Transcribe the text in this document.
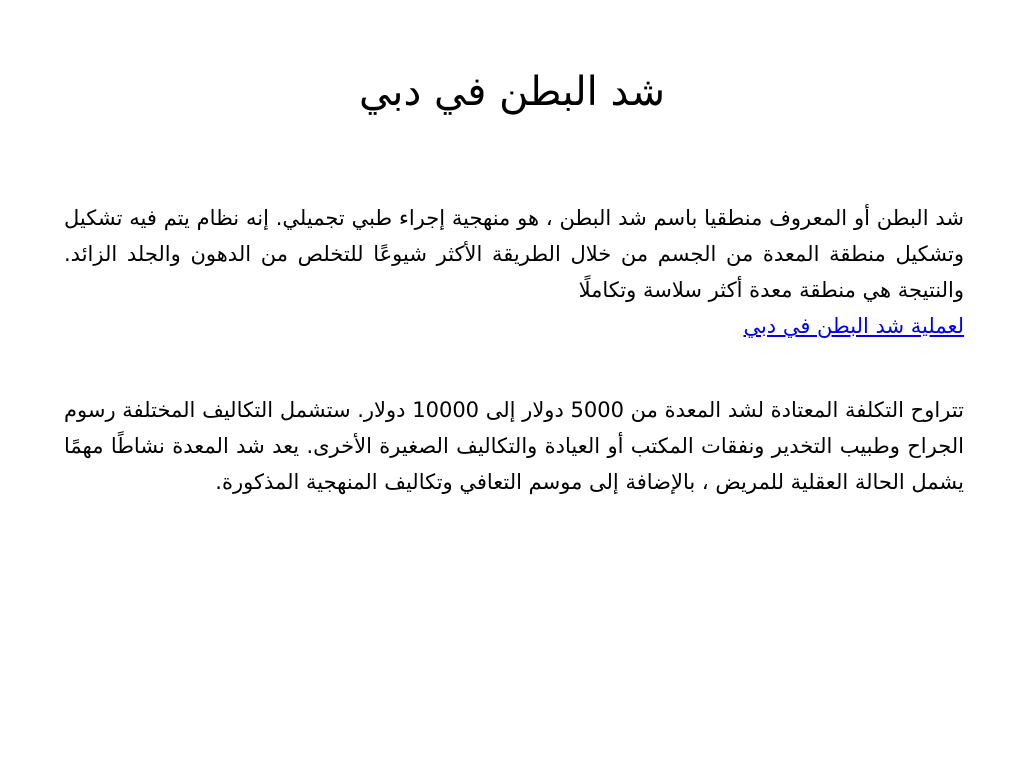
شد البطن في دبي

شد البطن أو المعروف منطقيا باسم شد البطن ، هو منهجية إجراء طبي تجميلي. إنه نظام يتم فيه تشكيل وتشكيل منطقة المعدة من الجسم من خلال الطريقة الأكثر شيوعًا للتخلص من الدهون والجلد الزائد. والنتيجة هي منطقة معدة أكثر سلاسة وتكاملًا
لعملية شد البطن في دبي

تتراوح التكلفة المعتادة لشد المعدة من 5000 دولار إلى 10000 دولار. ستشمل التكاليف المختلفة رسوم الجراح وطبيب التخدير ونفقات المكتب أو العيادة والتكاليف الصغيرة الأخرى. يعد شد المعدة نشاطًا مهمًا يشمل الحالة العقلية للمريض ، بالإضافة إلى موسم التعافي وتكاليف المنهجية المذكورة.
